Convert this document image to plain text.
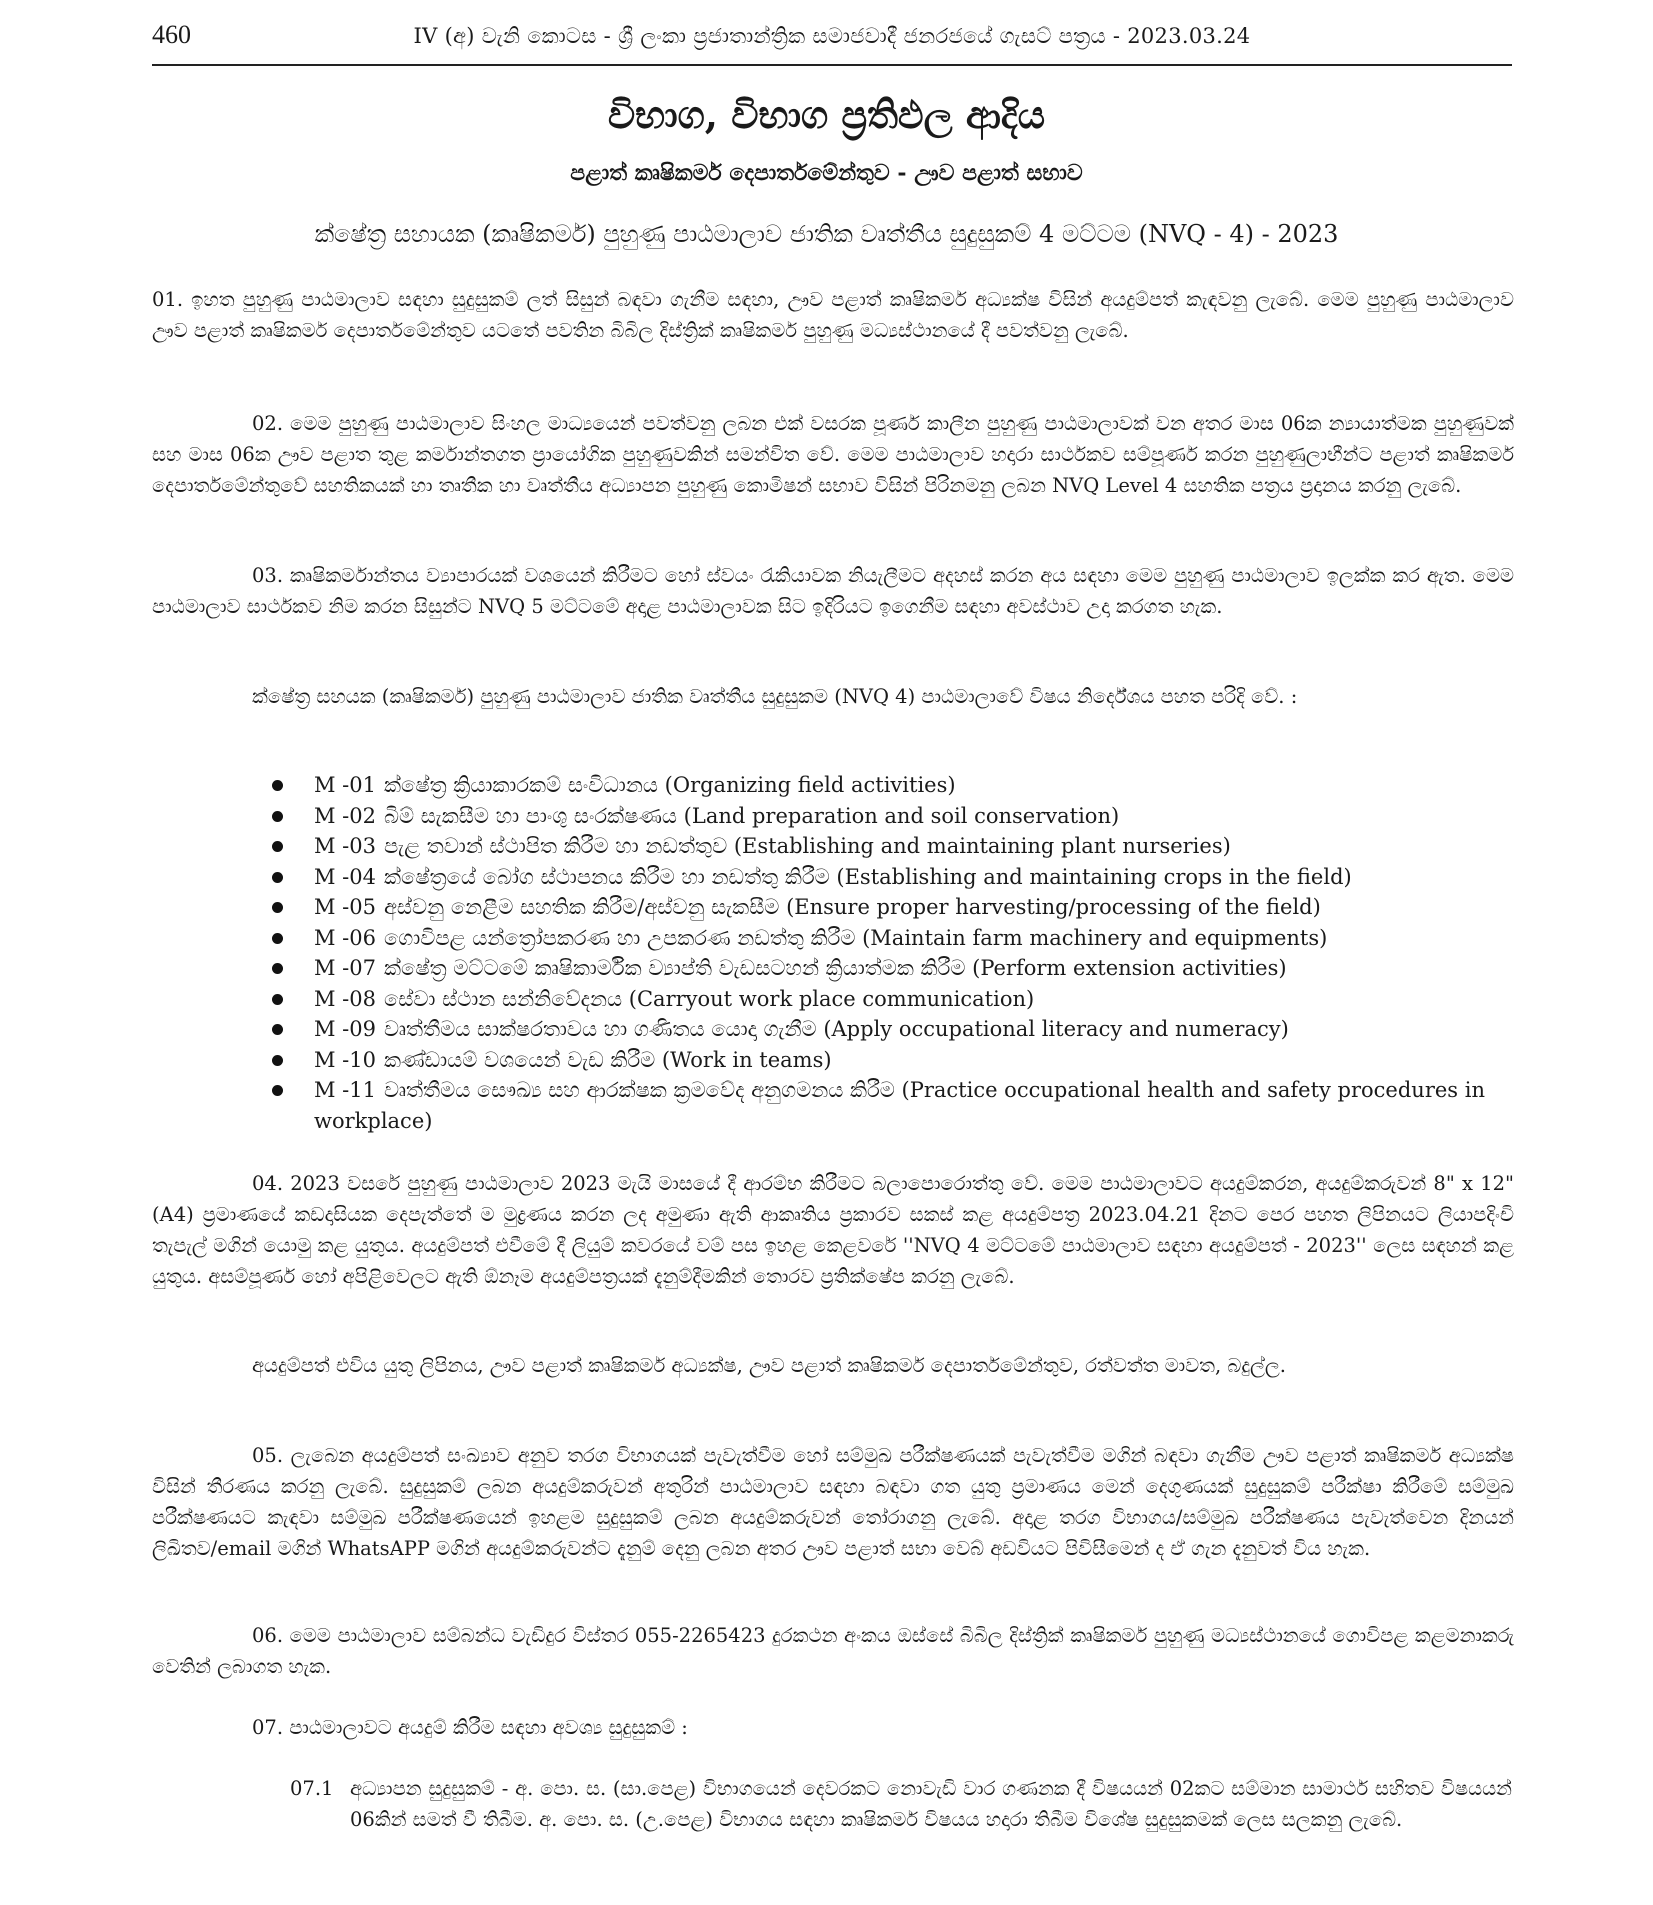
460	IV (අ) වැනි කොටස - ශ්‍රී ලංකා ප්‍රජාතාන්ත්‍රික සමාජවාදී ජනරජයේ ගැසට් පත්‍රය - 2023.03.24
විභාග, විභාග ප්‍රතිඵල ආදිය
පළාත් කෘෂිකර්ම දෙපාර්තමේන්තුව - ඌව පළාත් සභාව
ක්ෂේත්‍ර සහායක (කෘෂිකර්ම) පුහුණු පාඨමාලාව ජාතික වෘත්තීය සුදුසුකම් 4 මට්ටම (NVQ - 4) - 2023
01. ඉහත පුහුණු පාඨමාලාව සඳහා සුදුසුකම් ලත් සිසුන් බඳවා ගැනීම සඳහා, ඌව පළාත් කෘෂිකර්ම අධ්‍යක්ෂ විසින් අයදුම්පත් කැඳවනු ලැබේ. මෙම පුහුණු පාඨමාලාව ඌව පළාත් කෘෂිකර්ම දෙපාර්තමේන්තුව යටතේ පවතින බිබිල දිස්ත්‍රික් කෘෂිකර්ම පුහුණු මධ්‍යස්ථානයේ දී පවත්වනු ලැබේ.
02. මෙම පුහුණු පාඨමාලාව සිංහල මාධ්‍යයෙන් පවත්වනු ලබන එක් වසරක පූර්ණ කාලීන පුහුණු පාඨමාලාවක් වන අතර මාස 06ක න්‍යායාත්මක පුහුණුවක් සහ මාස 06ක ඌව පළාත තුළ කර්මාන්තගත ප්‍රායෝගික පුහුණුවකින් සමන්විත වේ. මෙම පාඨමාලාව හදාරා සාර්ථකව සම්පූර්ණ කරන පුහුණුලාභීන්ට පළාත් කෘෂිකර්ම දෙපාර්තමේන්තුවේ සහතිකයක් හා තෘතීක හා වෘත්තීය අධ්‍යාපන පුහුණු කොමිෂන් සභාව විසින් පිරිනමනු ලබන NVQ Level 4 සහතික පත්‍රය ප්‍රදානය කරනු ලැබේ.
03. කෘෂිකර්මාන්තය ව්‍යාපාරයක් වශයෙන් කිරීමට හෝ ස්වයං රැකියාවක නියැලීමට අදහස් කරන අය සඳහා මෙම පුහුණු පාඨමාලාව ඉලක්ක කර ඇත. මෙම පාඨමාලාව සාර්ථකව නිම කරන සිසුන්ට NVQ 5 මට්ටමේ අදාළ පාඨමාලාවක සිට ඉදිරියට ඉගෙනීම සඳහා අවස්ථාව උදා කරගත හැක.
ක්ෂේත්‍ර සහයක (කෘෂිකර්ම) පුහුණු පාඨමාලාව ජාතික වෘත්තීය සුදුසුකම (NVQ 4) පාඨමාලාවේ විෂය නිර්දේශය පහත පරිදි වේ. :
M -01 ක්ෂේත්‍ර ක්‍රියාකාරකම් සංවිධානය (Organizing field activities)
M -02 බිම් සැකසීම හා පාංශු සංරක්ෂණය (Land preparation and soil conservation)
M -03 පැළ තවාන් ස්ථාපිත කිරීම හා නඩත්තුව (Establishing and maintaining plant nurseries)
M -04 ක්ෂේත්‍රයේ බෝග ස්ථාපනය කිරීම හා නඩත්තු කිරීම (Establishing and maintaining crops in the field)
M -05 අස්වනු නෙළීම සහතික කිරීම/අස්වනු සැකසීම (Ensure proper harvesting/processing of the field)
M -06 ගොවිපළ යන්ත්‍රෝපකරණ හා උපකරණ නඩත්තු කිරීම (Maintain farm machinery and equipments)
M -07 ක්ෂේත්‍ර මට්ටමේ කෘෂිකාර්මික ව්‍යාප්ති වැඩසටහන් ක්‍රියාත්මක කිරීම (Perform extension activities)
M -08 සේවා ස්ථාන සන්නිවේදනය (Carryout work place communication)
M -09 වෘත්තීමය සාක්ෂරතාවය හා ගණිතය යොදා ගැනීම (Apply occupational literacy and numeracy)
M -10 කණ්ඩායම් වශයෙන් වැඩ කිරීම (Work in teams)
M -11 වෘත්තීමය සෞඛ්‍ය සහ ආරක්ෂක ක්‍රමවේද අනුගමනය කිරීම (Practice occupational health and safety procedures in workplace)
04. 2023 වසරේ පුහුණු පාඨමාලාව 2023 මැයි මාසයේ දී ආරම්භ කිරීමට බලාපොරොත්තු වේ. මෙම පාඨමාලාවට අයදුම්කරන, අයදුම්කරුවන් 8" x 12" (A4) ප්‍රමාණයේ කඩදාසියක දෙපැත්තේ ම මුද්‍රණය කරන ලද අමුණා ඇති ආකෘතිය ප්‍රකාරව සකස් කළ අයදුම්පත්‍ර 2023.04.21 දිනට පෙර පහත ලිපිනයට ලියාපදිංචි තැපැල් මගින් යොමු කළ යුතුය. අයදුම්පත් එවීමේ දී ලියුම් කවරයේ වම් පස ඉහළ කෙළවරේ ''NVQ 4 මට්ටමේ පාඨමාලාව සඳහා අයදුම්පත් - 2023'' ලෙස සඳහන් කළ යුතුය. අසම්පූර්ණ හෝ අපිළිවෙලට ඇති ඕනෑම අයදුම්පත්‍රයක් දැනුම්දීමකින් තොරව ප්‍රතික්ෂේප කරනු ලැබේ.
අයදුම්පත් එවිය යුතු ලිපිනය, ඌව පළාත් කෘෂිකර්ම අධ්‍යක්ෂ, ඌව පළාත් කෘෂිකර්ම දෙපාර්තමේන්තුව, රත්වත්ත මාවත, බදුල්ල.
05. ලැබෙන අයදුම්පත් සංඛ්‍යාව අනුව තරග විභාගයක් පැවැත්වීම හෝ සම්මුඛ පරීක්ෂණයක් පැවැත්වීම මගින් බඳවා ගැනීම ඌව පළාත් කෘෂිකර්ම අධ්‍යක්ෂ විසින් තීරණය කරනු ලැබේ. සුදුසුකම් ලබන අයදුම්කරුවන් අතුරින් පාඨමාලාව සඳහා බඳවා ගත යුතු ප්‍රමාණය මෙන් දෙගුණයක් සුදුසුකම් පරීක්ෂා කිරීමේ සම්මුඛ පරීක්ෂණයට කැඳවා සම්මුඛ පරීක්ෂණයෙන් ඉහළම සුදුසුකම් ලබන අයදුම්කරුවන් තෝරාගනු ලැබේ. අදාළ තරග විභාගය/සම්මුඛ පරීක්ෂණය පැවැත්වෙන දිනයන් ලිඛිතව/email මගින් WhatsAPP මගින් අයදුම්කරුවන්ට දැනුම් දෙනු ලබන අතර ඌව පළාත් සභා වෙබ් අඩවියට පිවිසීමෙන් ද ඒ ගැන දැනුවත් විය හැක.
06. මෙම පාඨමාලාව සම්බන්ධ වැඩිදුර විස්තර 055-2265423 දුරකථන අංකය ඔස්සේ බිබිල දිස්ත්‍රික් කෘෂිකර්ම පුහුණු මධ්‍යස්ථානයේ ගොවිපළ කළමනාකරු වෙතින් ලබාගත හැක.
07. පාඨමාලාවට අයදුම් කිරීම සඳහා අවශ්‍ය සුදුසුකම් :
07.1 අධ්‍යාපන සුදුසුකම් - අ. පො. ස. (සා.පෙළ) විභාගයෙන් දෙවරකට නොවැඩි වාර ගණනක දී විෂයයන් 02කට සම්මාන සාමාර්ථ සහිතව විෂයයන් 06කින් සමත් වී තිබීම. අ. පො. ස. (උ.පෙළ) විභාගය සඳහා කෘෂිකර්ම විෂයය හදාරා තිබීම විශේෂ සුදුසුකමක් ලෙස සලකනු ලැබේ.
